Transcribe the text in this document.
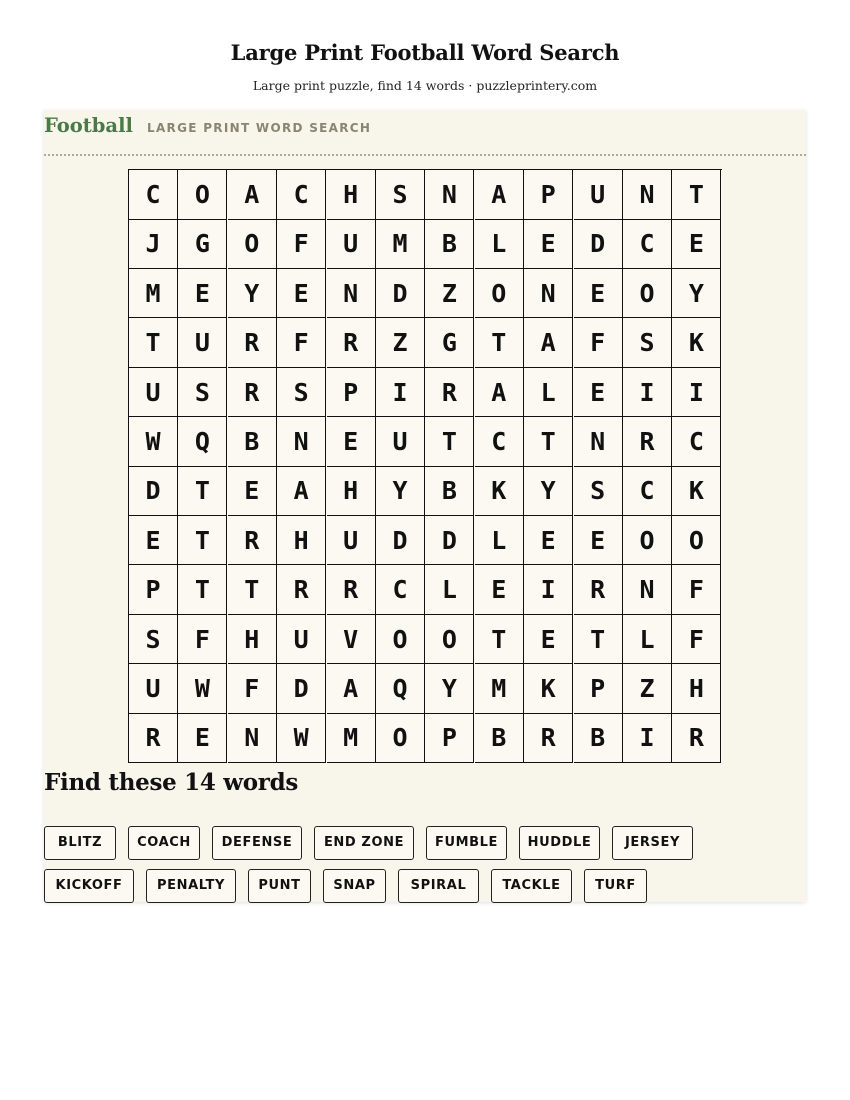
Large Print Football Word Search
Large print puzzle, find 14 words · puzzleprintery.com
Football LARGE PRINT WORD SEARCH
C	O	A	C	H	S	N	A	P	U	N	T
J	G	O	F	U	M	B	L	E	D	C	E
M	E	Y	E	N	D	Z	O	N	E	O	Y
T	U	R	F	R	Z	G	T	A	F	S	K
U	S	R	S	P	I	R	A	L	E	I	I
W	Q	B	N	E	U	T	C	T	N	R	C
D	T	E	A	H	Y	B	K	Y	S	C	K
E	T	R	H	U	D	D	L	E	E	O	O
P	T	T	R	R	C	L	E	I	R	N	F
S	F	H	U	V	O	O	T	E	T	L	F
U	W	F	D	A	Q	Y	M	K	P	Z	H
R	E	N	W	M	O	P	B	R	B	I	R
Find these 14 words
BLITZ	COACH	DEFENSE	END ZONE	FUMBLE	HUDDLE	JERSEY
KICKOFF	PENALTY	PUNT	SNAP	SPIRAL	TACKLE	TURF
